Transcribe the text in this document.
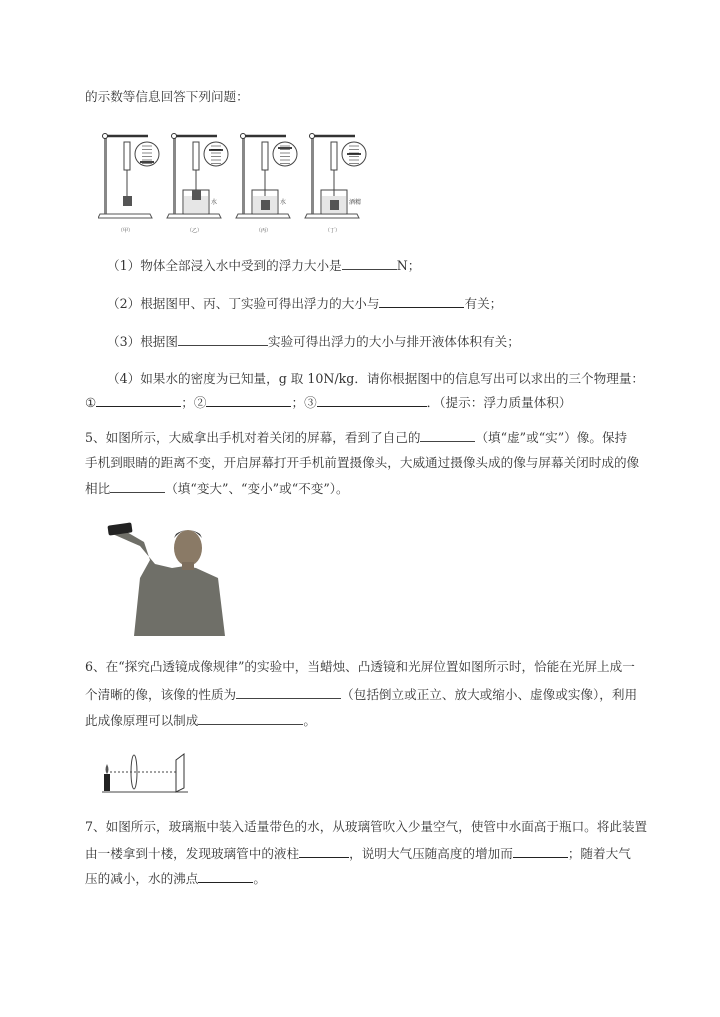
的示数等信息回答下列问题：
（甲）
水
（乙）
水
（丙）
酒精
（丁）
（1）物体全部浸入水中受到的浮力大小是	N；
（2）根据图甲、丙、丁实验可得出浮力的大小与	有关；
（3）根据图	实验可得出浮力的大小与排开液体体积有关；
（4）如果水的密度为已知量，g 取 10N/kg．请你根据图中的信息写出可以求出的三个物理量：
①	；②	；③	．（提示：浮力质量体积）
5、如图所示，大威拿出手机对着关闭的屏幕，看到了自己的	（填“虚”或“实”）像。保持
手机到眼睛的距离不变，开启屏幕打开手机前置摄像头，大威通过摄像头成的像与屏幕关闭时成的像
相比	（填“变大”、“变小”或“不变”）。
6、在“探究凸透镜成像规律”的实验中，当蜡烛、凸透镜和光屏位置如图所示时，恰能在光屏上成一
个清晰的像，该像的性质为	（包括倒立或正立、放大或缩小、虚像或实像），利用
此成像原理可以制成	。
7、如图所示，玻璃瓶中装入适量带色的水，从玻璃管吹入少量空气，使管中水面高于瓶口。将此装置
由一楼拿到十楼，发现玻璃管中的液柱	，说明大气压随高度的增加而	；随着大气
压的减小，水的沸点	。
